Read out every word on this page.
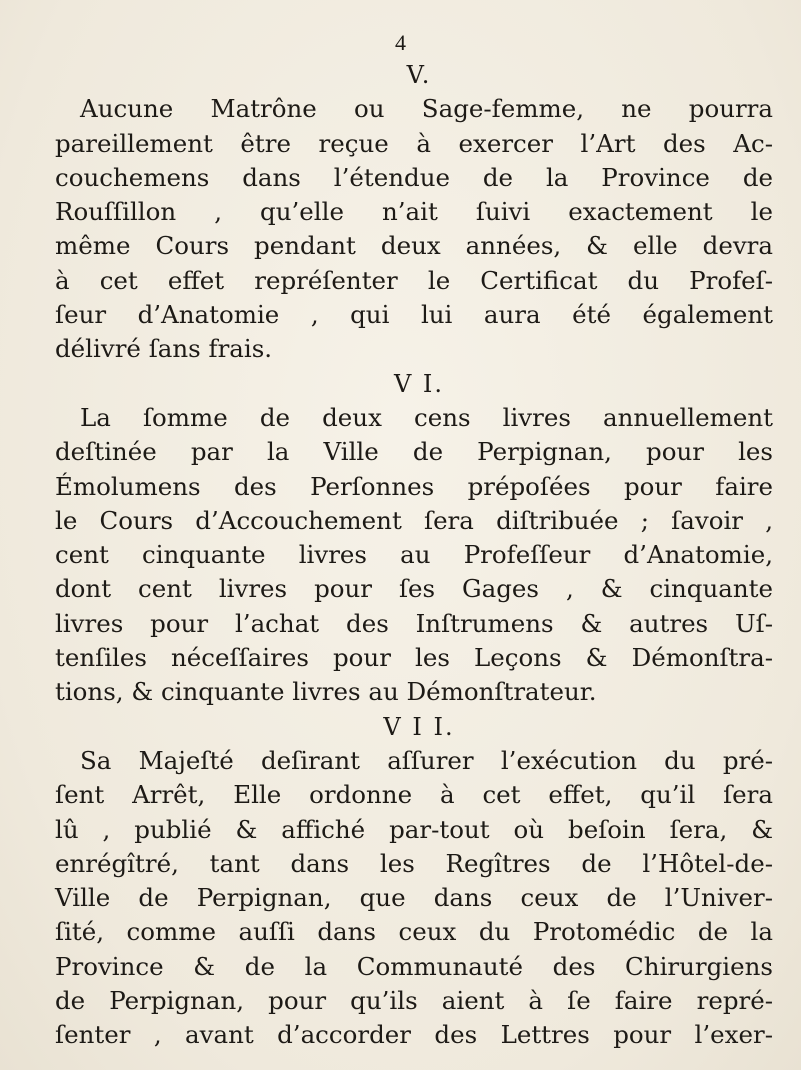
4
V.
Aucune Matrône ou Sage-femme, ne pourra
pareillement être reçue à exercer l’Art des Ac-
couchemens dans l’étendue de la Province de
Rouſſillon , qu’elle n’ait ſuivi exactement le
même Cours pendant deux années, & elle devra
à cet effet repréſenter le Certificat du Profeſ-
ſeur d’Anatomie , qui lui aura été également
délivré ſans frais.
V I.
La ſomme de deux cens livres annuellement
deſtinée par la Ville de Perpignan, pour les
Émolumens des Perſonnes prépoſées pour faire
le Cours d’Accouchement ſera diſtribuée ; ſavoir ,
cent cinquante livres au Profeſſeur d’Anatomie,
dont cent livres pour ſes Gages , & cinquante
livres pour l’achat des Inſtrumens & autres Uſ-
tenſiles néceſſaires pour les Leçons & Démonſtra-
tions, & cinquante livres au Démonſtrateur.
V I I.
Sa Majeſté deſirant aſſurer l’exécution du pré-
ſent Arrêt, Elle ordonne à cet effet, qu’il ſera
lû , publié & affiché par-tout où beſoin ſera, &
enrégîtré, tant dans les Regîtres de l’Hôtel-de-
Ville de Perpignan, que dans ceux de l’Univer-
ſité, comme auſſi dans ceux du Protomédic de la
Province & de la Communauté des Chirurgiens
de Perpignan, pour qu’ils aient à ſe faire repré-
ſenter , avant d’accorder des Lettres pour l’exer-
